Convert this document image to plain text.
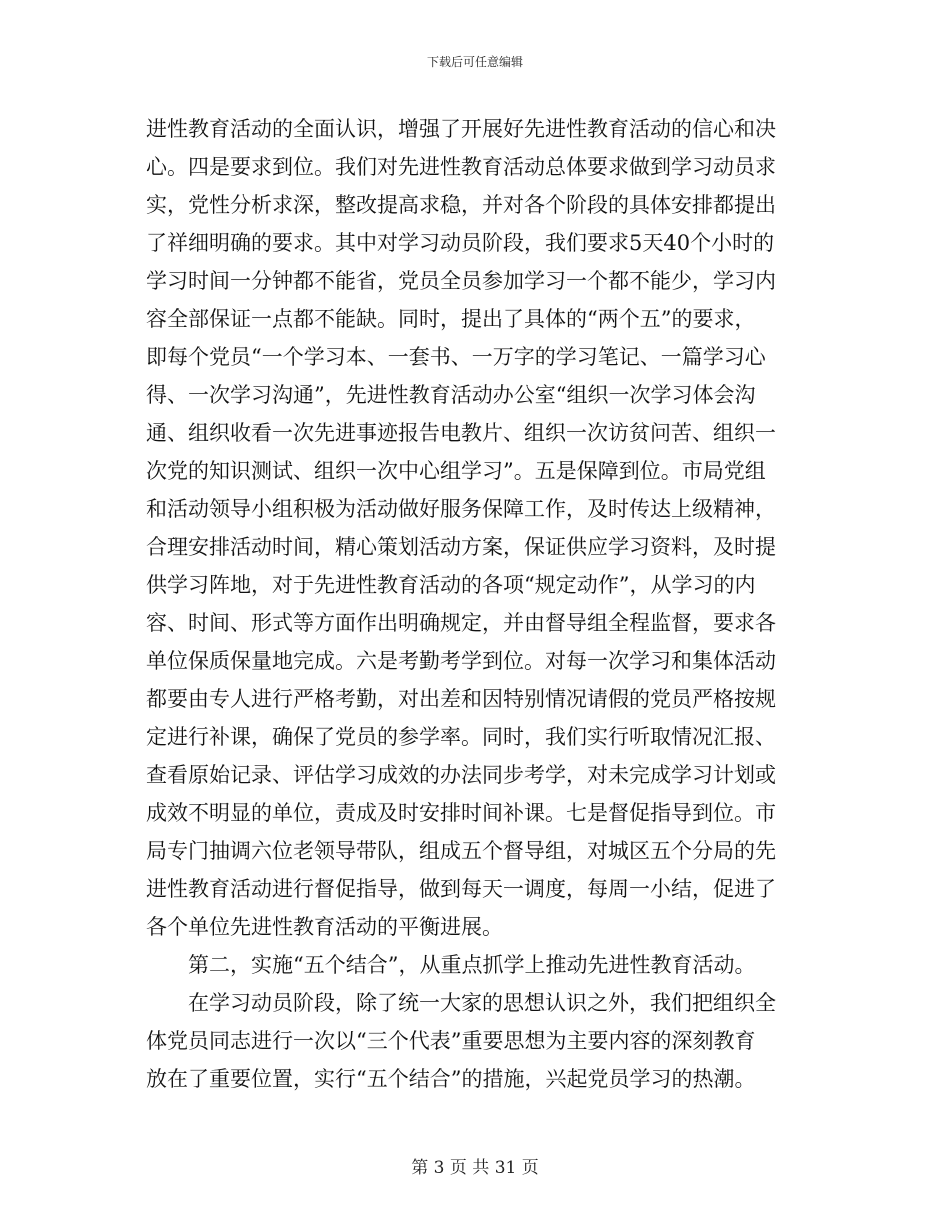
下载后可任意编辑
进性教育活动的全面认识，增强了开展好先进性教育活动的信心和决
心。四是要求到位。我们对先进性教育活动总体要求做到学习动员求
实，党性分析求深，整改提高求稳，并对各个阶段的具体安排都提出
了祥细明确的要求。其中对学习动员阶段，我们要求5天40个小时的
学习时间一分钟都不能省，党员全员参加学习一个都不能少，学习内
容全部保证一点都不能缺。同时，提出了具体的“两个五”的要求，
即每个党员“一个学习本、一套书、一万字的学习笔记、一篇学习心
得、一次学习沟通”，先进性教育活动办公室“组织一次学习体会沟
通、组织收看一次先进事迹报告电教片、组织一次访贫问苦、组织一
次党的知识测试、组织一次中心组学习”。五是保障到位。市局党组
和活动领导小组积极为活动做好服务保障工作，及时传达上级精神，
合理安排活动时间，精心策划活动方案，保证供应学习资料，及时提
供学习阵地，对于先进性教育活动的各项“规定动作”，从学习的内
容、时间、形式等方面作出明确规定，并由督导组全程监督，要求各
单位保质保量地完成。六是考勤考学到位。对每一次学习和集体活动
都要由专人进行严格考勤，对出差和因特别情况请假的党员严格按规
定进行补课，确保了党员的参学率。同时，我们实行听取情况汇报、
查看原始记录、评估学习成效的办法同步考学，对未完成学习计划或
成效不明显的单位，责成及时安排时间补课。七是督促指导到位。市
局专门抽调六位老领导带队，组成五个督导组，对城区五个分局的先
进性教育活动进行督促指导，做到每天一调度，每周一小结，促进了
各个单位先进性教育活动的平衡进展。
第二，实施“五个结合”，从重点抓学上推动先进性教育活动。
在学习动员阶段，除了统一大家的思想认识之外，我们把组织全
体党员同志进行一次以“三个代表”重要思想为主要内容的深刻教育
放在了重要位置，实行“五个结合”的措施，兴起党员学习的热潮。
第 3 页 共 31 页
